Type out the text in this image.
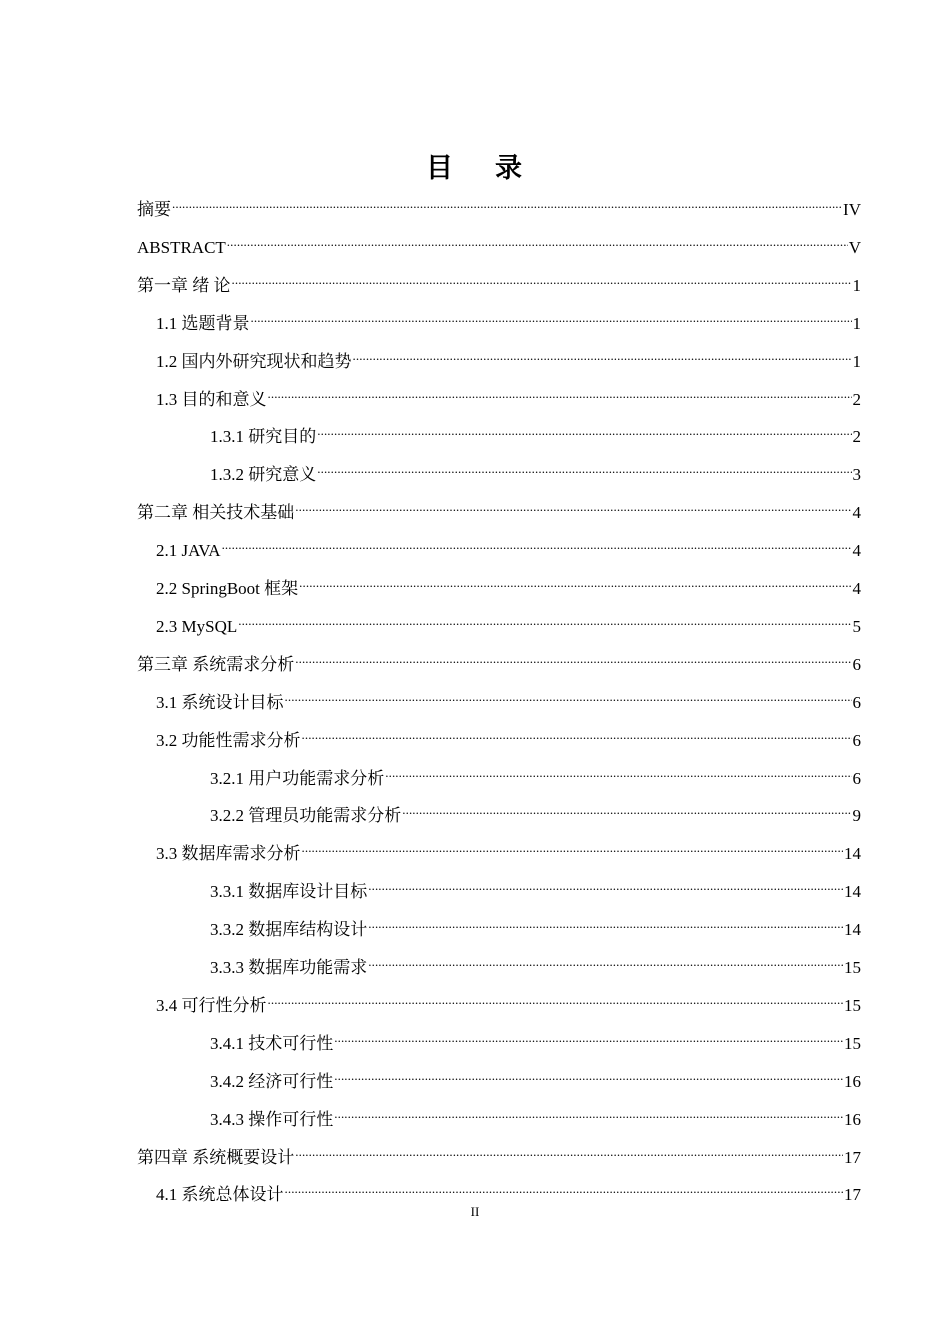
目 录
摘要 .....	IV
ABSTRACT .....	V
第一章 绪 论 .....	1
1.1 选题背景 .....	1
1.2 国内外研究现状和趋势 .....	1
1.3 目的和意义 .....	2
1.3.1 研究目的 .....	2
1.3.2 研究意义 .....	3
第二章 相关技术基础 .....	4
2.1 JAVA .....	4
2.2 SpringBoot 框架 .....	4
2.3 MySQL .....	5
第三章 系统需求分析 .....	6
3.1 系统设计目标 .....	6
3.2 功能性需求分析 .....	6
3.2.1 用户功能需求分析 .....	6
3.2.2 管理员功能需求分析 .....	9
3.3 数据库需求分析 .....	14
3.3.1 数据库设计目标 .....	14
3.3.2 数据库结构设计 .....	14
3.3.3 数据库功能需求 .....	15
3.4 可行性分析 .....	15
3.4.1 技术可行性 .....	15
3.4.2 经济可行性 .....	16
3.4.3 操作可行性 .....	16
第四章 系统概要设计 .....	17
4.1 系统总体设计 .....	17
II
